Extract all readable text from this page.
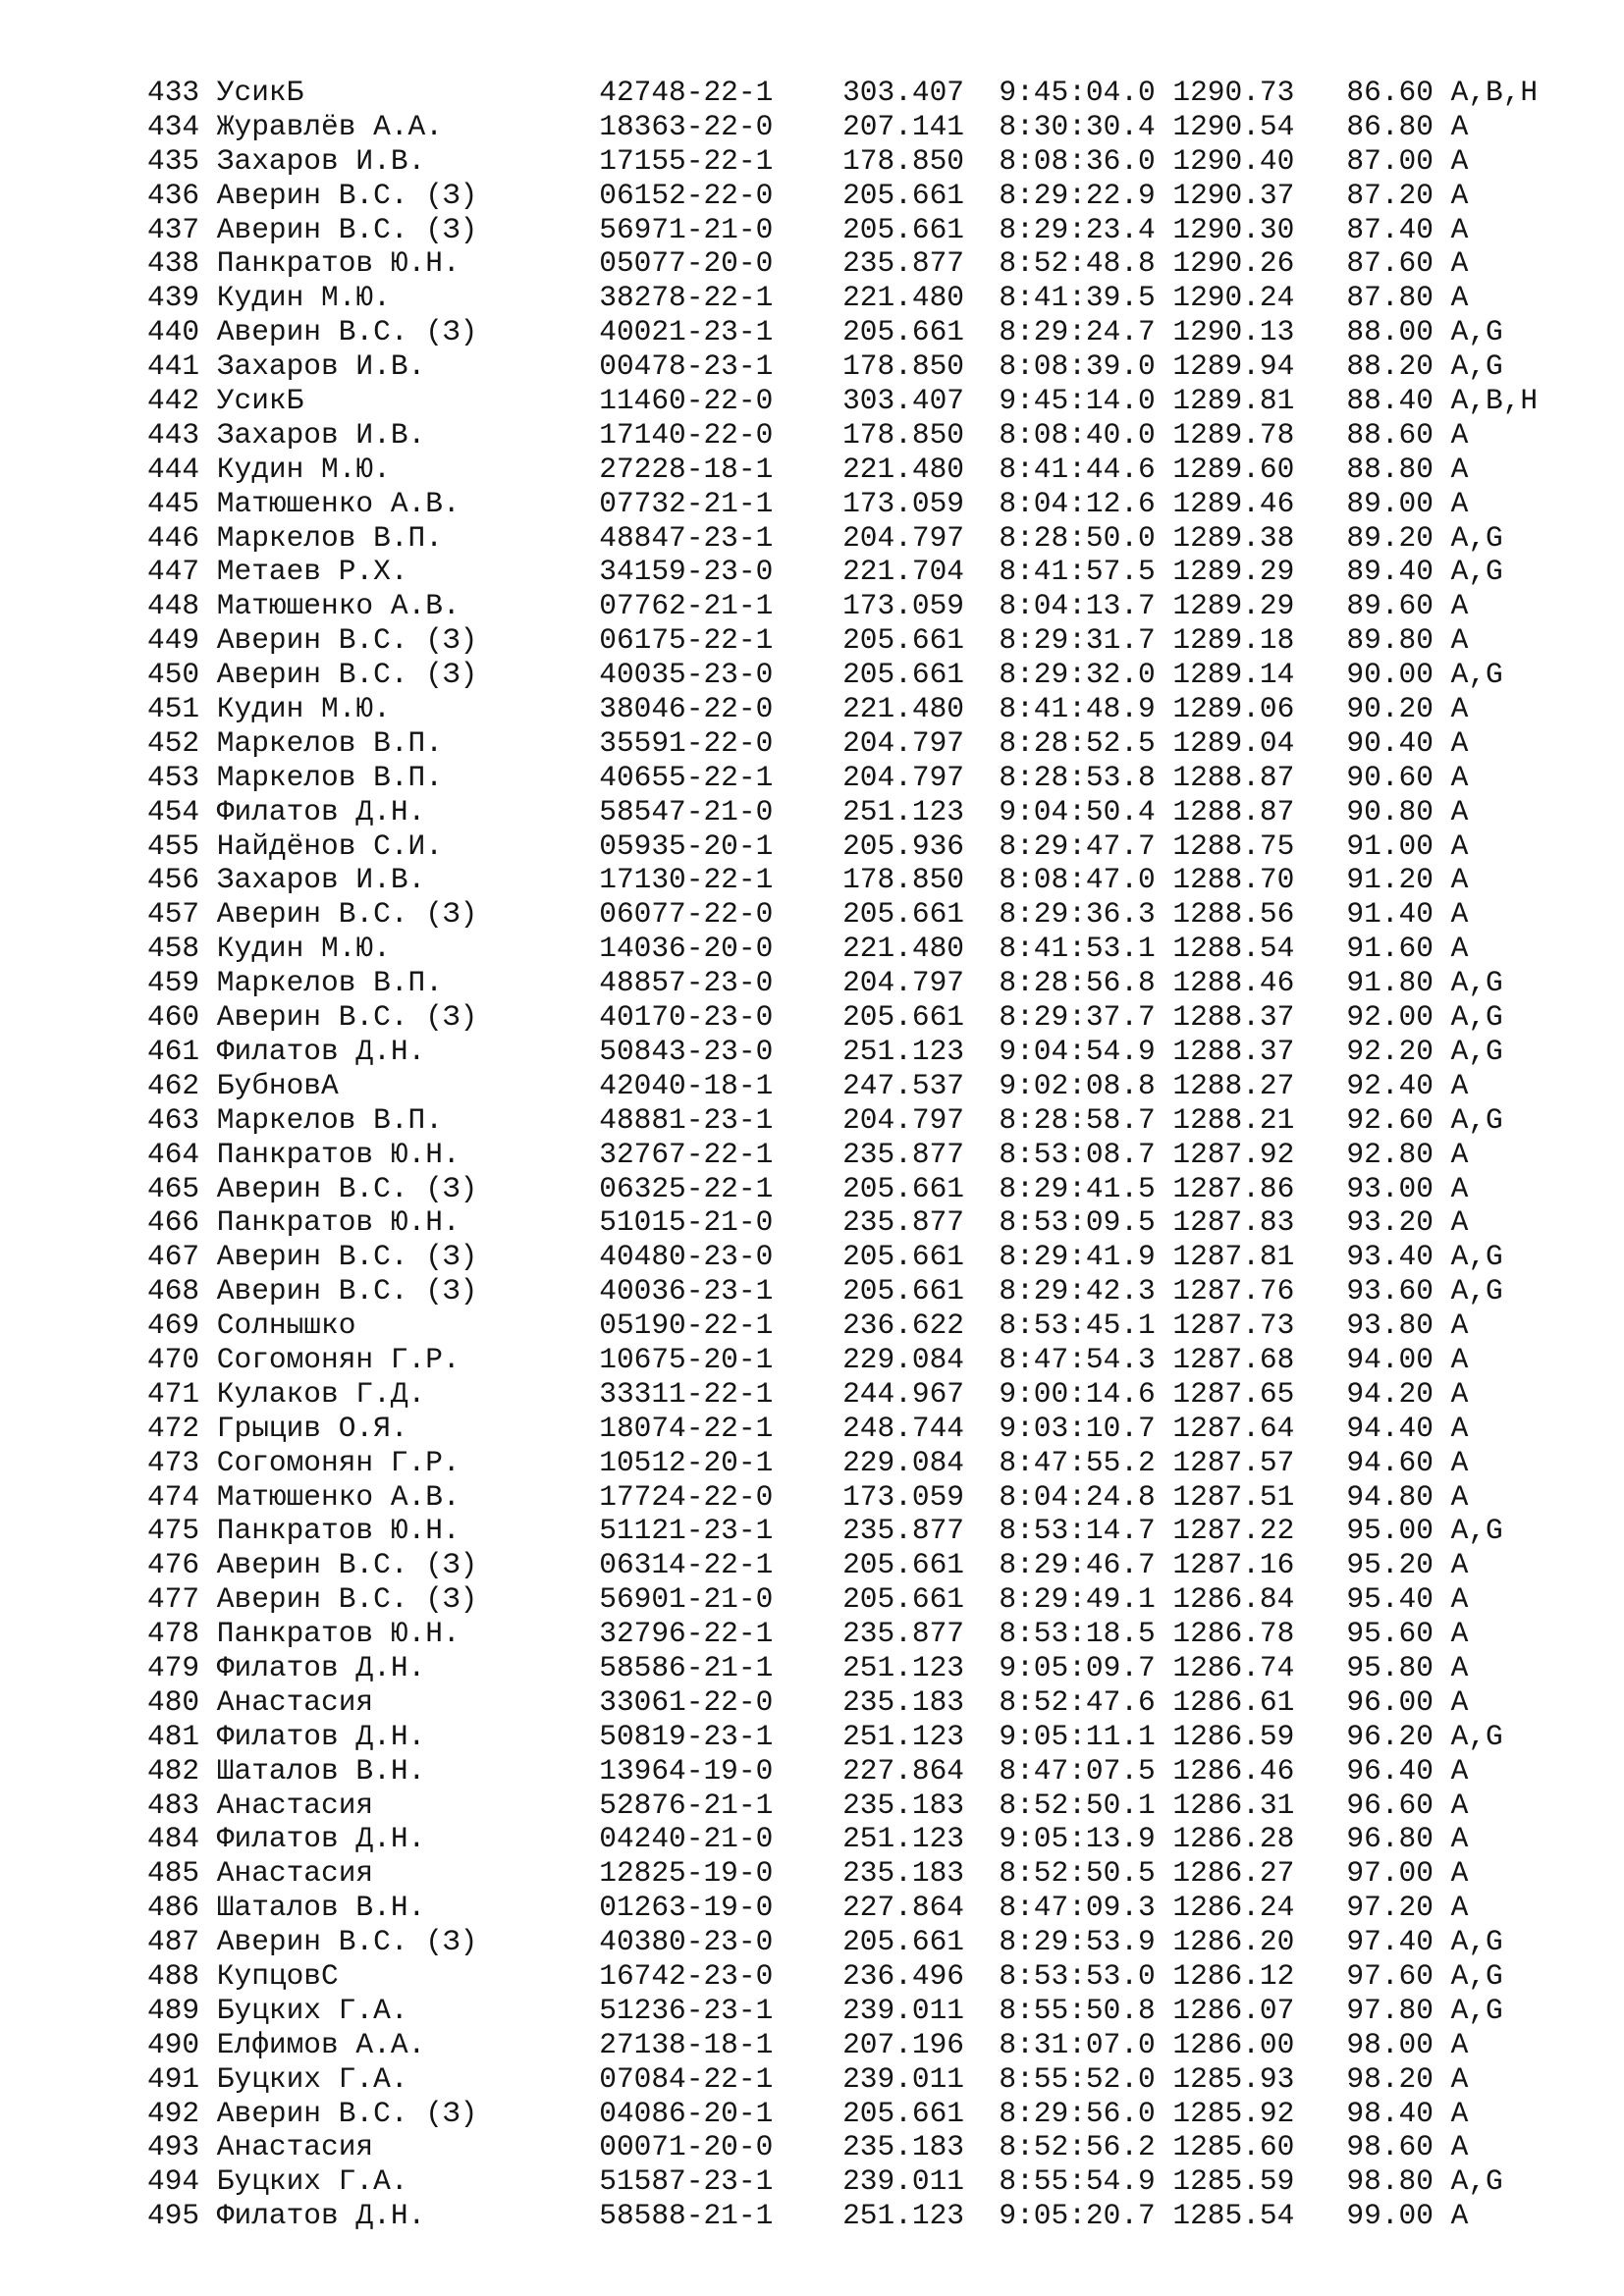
433 УсикБ	42748-22-1	303.407	9:45:04.0 1290.73	86.60 A,B,H
434 Журавлёв А.А.	18363-22-0	207.141	8:30:30.4 1290.54	86.80 A
435 Захаров И.В.	17155-22-1	178.850	8:08:36.0 1290.40	87.00 A
436 Аверин В.С. (З)	06152-22-0	205.661	8:29:22.9 1290.37	87.20 A
437 Аверин В.С. (З)	56971-21-0	205.661	8:29:23.4 1290.30	87.40 A
438 Панкратов Ю.Н.	05077-20-0	235.877	8:52:48.8 1290.26	87.60 A
439 Кудин М.Ю.	38278-22-1	221.480	8:41:39.5 1290.24	87.80 A
440 Аверин В.С. (З)	40021-23-1	205.661	8:29:24.7 1290.13	88.00 A,G
441 Захаров И.В.	00478-23-1	178.850	8:08:39.0 1289.94	88.20 A,G
442 УсикБ	11460-22-0	303.407	9:45:14.0 1289.81	88.40 A,B,H
443 Захаров И.В.	17140-22-0	178.850	8:08:40.0 1289.78	88.60 A
444 Кудин М.Ю.	27228-18-1	221.480	8:41:44.6 1289.60	88.80 A
445 Матюшенко А.В.	07732-21-1	173.059	8:04:12.6 1289.46	89.00 A
446 Маркелов В.П.	48847-23-1	204.797	8:28:50.0 1289.38	89.20 A,G
447 Метаев Р.Х.	34159-23-0	221.704	8:41:57.5 1289.29	89.40 A,G
448 Матюшенко А.В.	07762-21-1	173.059	8:04:13.7 1289.29	89.60 A
449 Аверин В.С. (З)	06175-22-1	205.661	8:29:31.7 1289.18	89.80 A
450 Аверин В.С. (З)	40035-23-0	205.661	8:29:32.0 1289.14	90.00 A,G
451 Кудин М.Ю.	38046-22-0	221.480	8:41:48.9 1289.06	90.20 A
452 Маркелов В.П.	35591-22-0	204.797	8:28:52.5 1289.04	90.40 A
453 Маркелов В.П.	40655-22-1	204.797	8:28:53.8 1288.87	90.60 A
454 Филатов Д.Н.	58547-21-0	251.123	9:04:50.4 1288.87	90.80 A
455 Найдёнов С.И.	05935-20-1	205.936	8:29:47.7 1288.75	91.00 A
456 Захаров И.В.	17130-22-1	178.850	8:08:47.0 1288.70	91.20 A
457 Аверин В.С. (З)	06077-22-0	205.661	8:29:36.3 1288.56	91.40 A
458 Кудин М.Ю.	14036-20-0	221.480	8:41:53.1 1288.54	91.60 A
459 Маркелов В.П.	48857-23-0	204.797	8:28:56.8 1288.46	91.80 A,G
460 Аверин В.С. (З)	40170-23-0	205.661	8:29:37.7 1288.37	92.00 A,G
461 Филатов Д.Н.	50843-23-0	251.123	9:04:54.9 1288.37	92.20 A,G
462 БубновА	42040-18-1	247.537	9:02:08.8 1288.27	92.40 A
463 Маркелов В.П.	48881-23-1	204.797	8:28:58.7 1288.21	92.60 A,G
464 Панкратов Ю.Н.	32767-22-1	235.877	8:53:08.7 1287.92	92.80 A
465 Аверин В.С. (З)	06325-22-1	205.661	8:29:41.5 1287.86	93.00 A
466 Панкратов Ю.Н.	51015-21-0	235.877	8:53:09.5 1287.83	93.20 A
467 Аверин В.С. (З)	40480-23-0	205.661	8:29:41.9 1287.81	93.40 A,G
468 Аверин В.С. (З)	40036-23-1	205.661	8:29:42.3 1287.76	93.60 A,G
469 Солнышко	05190-22-1	236.622	8:53:45.1 1287.73	93.80 A
470 Согомонян Г.Р.	10675-20-1	229.084	8:47:54.3 1287.68	94.00 A
471 Кулаков Г.Д.	33311-22-1	244.967	9:00:14.6 1287.65	94.20 A
472 Грыцив О.Я.	18074-22-1	248.744	9:03:10.7 1287.64	94.40 A
473 Согомонян Г.Р.	10512-20-1	229.084	8:47:55.2 1287.57	94.60 A
474 Матюшенко А.В.	17724-22-0	173.059	8:04:24.8 1287.51	94.80 A
475 Панкратов Ю.Н.	51121-23-1	235.877	8:53:14.7 1287.22	95.00 A,G
476 Аверин В.С. (З)	06314-22-1	205.661	8:29:46.7 1287.16	95.20 A
477 Аверин В.С. (З)	56901-21-0	205.661	8:29:49.1 1286.84	95.40 A
478 Панкратов Ю.Н.	32796-22-1	235.877	8:53:18.5 1286.78	95.60 A
479 Филатов Д.Н.	58586-21-1	251.123	9:05:09.7 1286.74	95.80 A
480 Анастасия	33061-22-0	235.183	8:52:47.6 1286.61	96.00 A
481 Филатов Д.Н.	50819-23-1	251.123	9:05:11.1 1286.59	96.20 A,G
482 Шаталов В.Н.	13964-19-0	227.864	8:47:07.5 1286.46	96.40 A
483 Анастасия	52876-21-1	235.183	8:52:50.1 1286.31	96.60 A
484 Филатов Д.Н.	04240-21-0	251.123	9:05:13.9 1286.28	96.80 A
485 Анастасия	12825-19-0	235.183	8:52:50.5 1286.27	97.00 A
486 Шаталов В.Н.	01263-19-0	227.864	8:47:09.3 1286.24	97.20 A
487 Аверин В.С. (З)	40380-23-0	205.661	8:29:53.9 1286.20	97.40 A,G
488 КупцовС	16742-23-0	236.496	8:53:53.0 1286.12	97.60 A,G
489 Буцких Г.А.	51236-23-1	239.011	8:55:50.8 1286.07	97.80 A,G
490 Елфимов А.А.	27138-18-1	207.196	8:31:07.0 1286.00	98.00 A
491 Буцких Г.А.	07084-22-1	239.011	8:55:52.0 1285.93	98.20 A
492 Аверин В.С. (З)	04086-20-1	205.661	8:29:56.0 1285.92	98.40 A
493 Анастасия	00071-20-0	235.183	8:52:56.2 1285.60	98.60 A
494 Буцких Г.А.	51587-23-1	239.011	8:55:54.9 1285.59	98.80 A,G
495 Филатов Д.Н.	58588-21-1	251.123	9:05:20.7 1285.54	99.00 A
